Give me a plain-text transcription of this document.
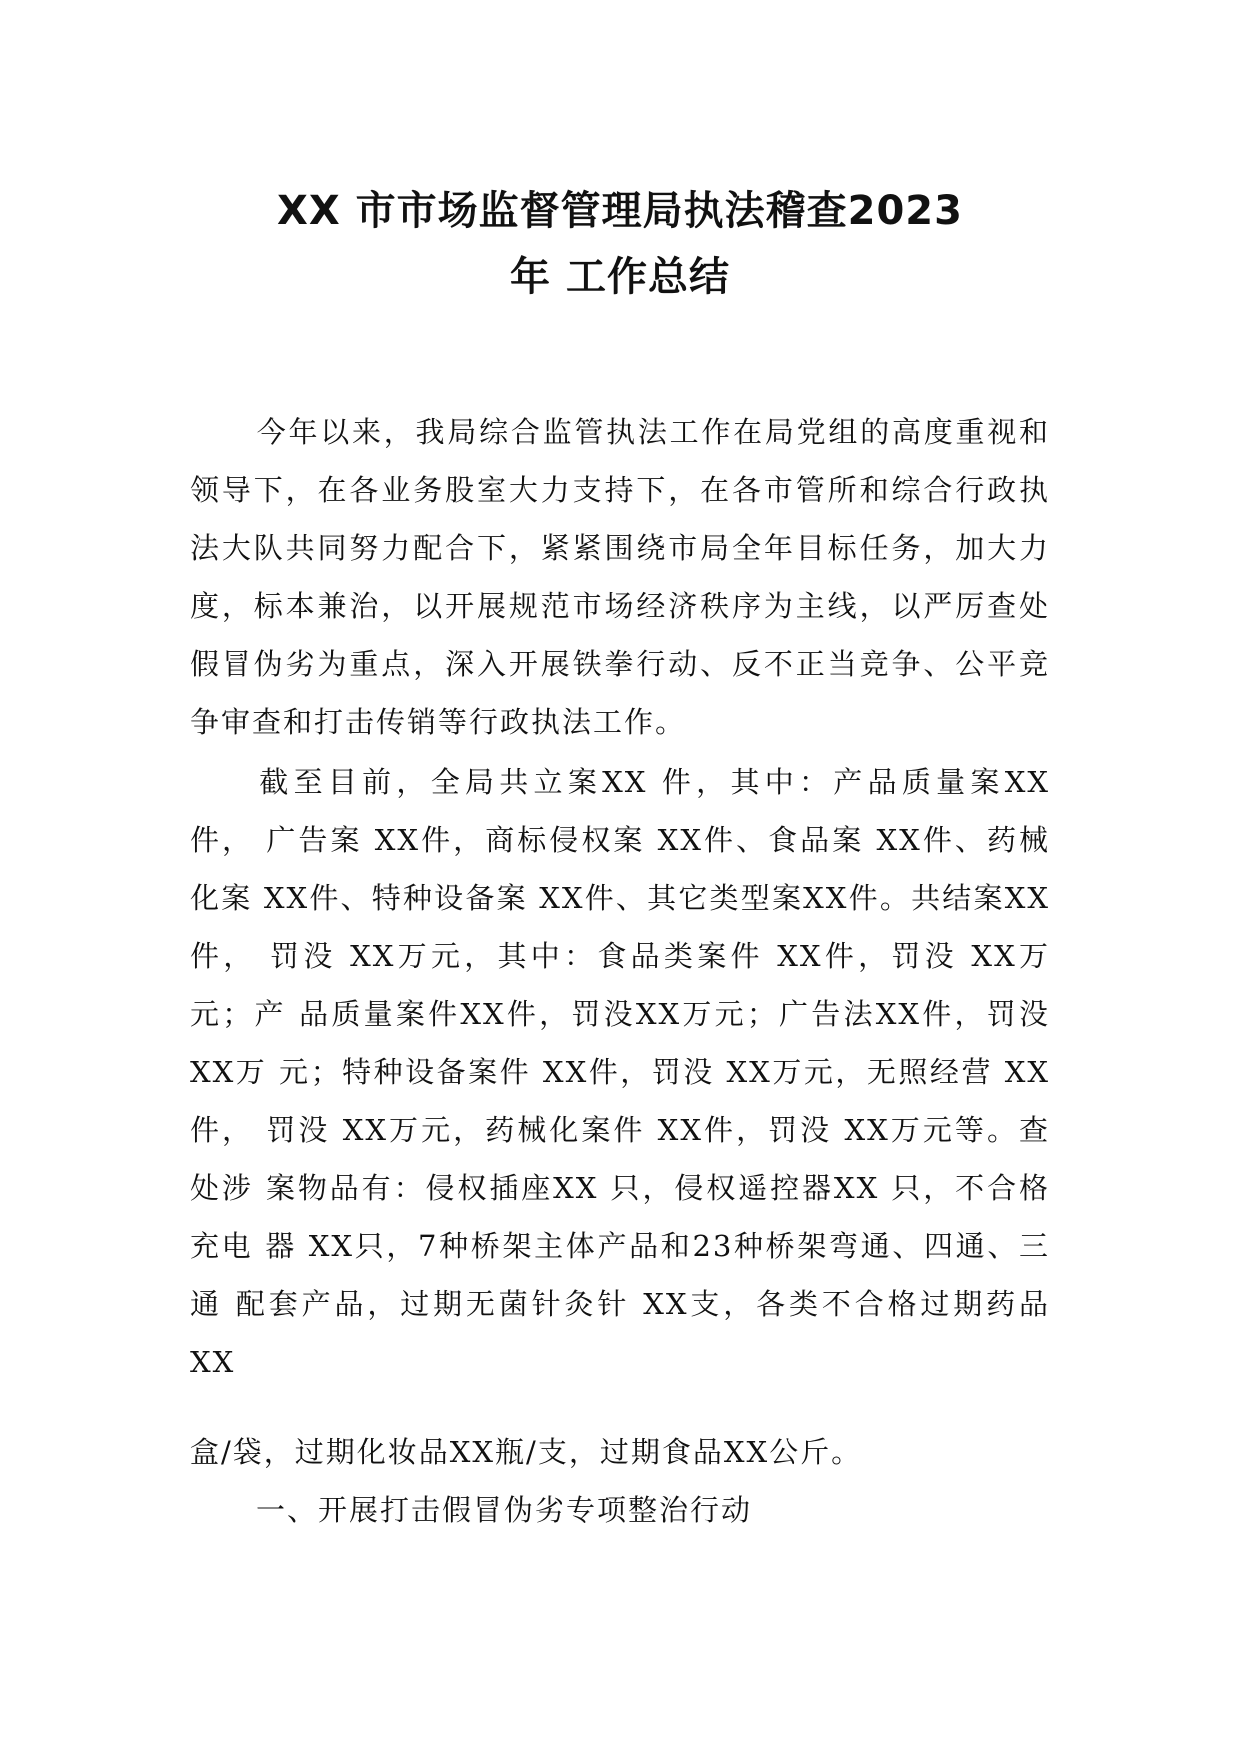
XX 市市场监督管理局执法稽查2023
年 工作总结

今年以来，我局综合监管执法工作在局党组的高度重视和领导下，在各业务股室大力支持下，在各市管所和综合行政执法大队共同努力配合下，紧紧围绕市局全年目标任务，加大力度，标本兼治，以开展规范市场经济秩序为主线，以严厉查处假冒伪劣为重点，深入开展铁拳行动、反不正当竞争、公平竞争审查和打击传销等行政执法工作。

截至目前，全局共立案XX 件，其中：产品质量案XX 件， 广告案 XX件，商标侵权案 XX件、食品案 XX件、药械化案 XX件、特种设备案 XX件、其它类型案XX件。共结案XX件， 罚没 XX万元，其中：食品类案件 XX件，罚没 XX万元；产 品质量案件XX件，罚没XX万元；广告法XX件，罚没XX万 元；特种设备案件 XX件，罚没 XX万元，无照经营 XX件， 罚没 XX万元，药械化案件 XX件，罚没 XX万元等。查处涉 案物品有：侵权插座XX 只，侵权遥控器XX 只，不合格充电 器 XX只，7种桥架主体产品和23种桥架弯通、四通、三通 配套产品，过期无菌针灸针 XX支，各类不合格过期药品 XX

盒/袋，过期化妆品XX瓶/支，过期食品XX公斤。

一、开展打击假冒伪劣专项整治行动
